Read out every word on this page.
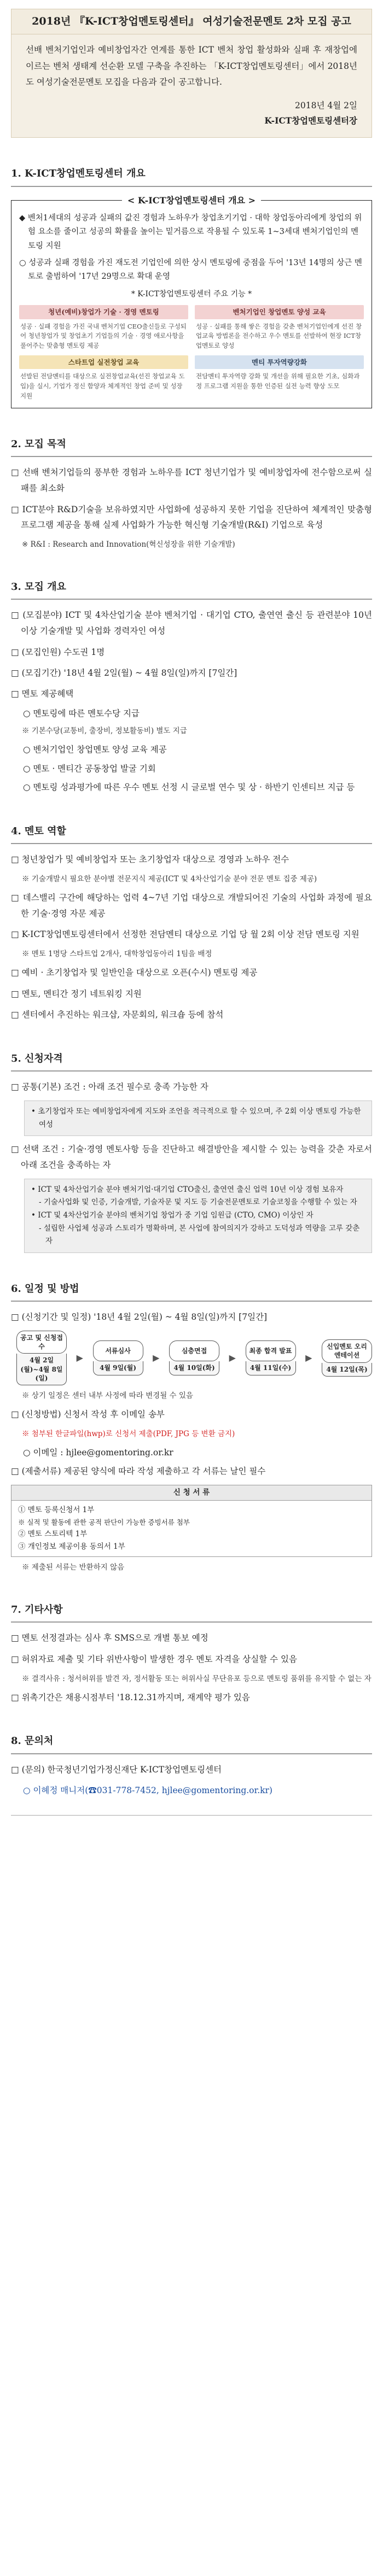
2018년 『K-ICT창업멘토링센터』 여성기술전문멘토 2차 모집 공고
선배 벤처기업인과 예비창업자간 연계를 통한 ICT 벤처 창업 활성화와 실패 후 재창업에 이르는 벤처 생태계 선순환 모델 구축을 추진하는 「K-ICT창업멘토링센터」에서 2018년도 여성기술전문멘토 모집을 다음과 같이 공고합니다.
2018년 4월 2일
K-ICT창업멘토링센터장
1. K-ICT창업멘토링센터 개요
< K-ICT창업멘토링센터 개요 >

◆ 벤처1세대의 성공과 실패의 값진 경험과 노하우가 창업초기기업 · 대학 창업동아리에게 창업의 위험 요소를 줄이고 성공의 확률을 높이는 밑거름으로 작용될 수 있도록 1~3세대 벤처기업인의 멘토링 지원

○ 성공과 실패 경험을 가진 재도전 기업인에 의한 상시 멘토링에 중점을 두어 '13년 14명의 상근 멘토로 출범하여 '17년 29명으로 확대 운영

* K-ICT창업멘토링센터 주요 기능 *
청년(예비)창업가 기술 · 경영 멘토링
성공 · 실패 경험을 가진 국내 벤처기업 CEO출신들로 구성되어 청년창업가 및 창업초기 기업들의 기술 · 경영 애로사항을 풀어주는 맞춤형 멘토링 제공
벤처기업인 창업멘토 양성 교육
성공 · 실패를 통해 쌓은 경험을 갖춘 벤처기업인에게 선진 창업교육 방법론을 전수하고 우수 멘토를 선발하여 현장 ICT창업멘토로 양성
스타트업 실전창업 교육
선발된 전담멘티를 대상으로 실전창업교육(선진 창업교육 도입)을 실시, 기업가 정신 함양과 체계적인 창업 준비 및 성장 지원
멘티 투자역량강화
전담멘티 투자역량 강화 및 개선을 위해 필요한 기초, 심화과정 프로그램 지원을 통한 인증된 실전 능력 향상 도모
2. 모집 목적
□ 선배 벤처기업들의 풍부한 경험과 노하우를 ICT 청년기업가 및 예비창업자에 전수함으로써 실패를 최소화
□ ICT분야 R&D기술을 보유하였지만 사업화에 성공하지 못한 기업을 진단하여 체계적인 맞춤형 프로그램 제공을 통해 실제 사업화가 가능한 혁신형 기술개발(R&I) 기업으로 육성
※ R&I : Research and Innovation(혁신성장을 위한 기술개발)
3. 모집 개요
□ (모집분야) ICT 및 4차산업기술 분야 벤처기업 · 대기업 CTO, 출연연 출신 등 관련분야 10년 이상 기술개발 및 사업화 경력자인 여성
□ (모집인원) 수도권 1명
□ (모집기간) '18년 4월 2일(월) ~ 4월 8일(일)까지 [7일간]
□ 멘토 제공혜택
○ 멘토링에 따른 멘토수당 지급
※ 기본수당(교통비, 출장비, 정보활동비) 별도 지급
○ 벤처기업인 창업멘토 양성 교육 제공
○ 멘토 · 멘티간 공동창업 발굴 기회
○ 멘토링 성과평가에 따른 우수 멘토 선정 시 글로벌 연수 및 상 · 하반기 인센티브 지급 등
4. 멘토 역할
□ 청년창업가 및 예비창업자 또는 초기창업자 대상으로 경영과 노하우 전수
※ 기술개발시 필요한 분야별 전문지식 제공(ICT 및 4차산업기술 분야 전문 멘토 집중 제공)
□ 데스밸리 구간에 해당하는 업력 4~7년 기업 대상으로 개발되어진 기술의 사업화 과정에 필요한 기술·경영 자문 제공
□ K-ICT창업멘토링센터에서 선정한 전담멘티 대상으로 기업 당 월 2회 이상 전담 멘토링 지원
※ 멘토 1명당 스타트업 2개사, 대학창업동아리 1팀을 배정
□ 예비 · 초기창업자 및 일반인을 대상으로 오픈(수시) 멘토링 제공
□ 멘토, 멘티간 정기 네트워킹 지원
□ 센터에서 추진하는 워크샵, 자문회의, 워크숍 등에 참석
5. 신청자격
□ 공통(기본) 조건 : 아래 조건 필수로 충족 가능한 자
• 초기창업자 또는 예비창업자에게 지도와 조언을 적극적으로 할 수 있으며, 주 2회 이상 멘토링 가능한 여성
□ 선택 조건 : 기술·경영 멘토사항 등을 진단하고 해결방안을 제시할 수 있는 능력을 갖춘 자로서 아래 조건을 충족하는 자
• ICT 및 4차산업기술 분야 벤처기업·대기업 CTO출신, 출연연 출신 업력 10년 이상 경험 보유자
- 기술사업화 및 인증, 기술개발, 기술자문 및 지도 등 기술전문멘토로 기술코칭을 수행할 수 있는 자
• ICT 및 4차산업기술 분야의 벤처기업 창업가 중 기업 임원급 (CTO, CMO) 이상인 자
- 설립한 사업체 성공과 스토리가 명확하며, 본 사업에 참여의지가 강하고 도덕성과 역량을 고루 갖춘 자
6. 일정 및 방법
□ (신청기간 및 일정) '18년 4월 2일(월) ~ 4월 8일(일)까지 [7일간]
공고 및 신청접수
4월 2일(월)~4월 8일(일)
▶
서류심사
4월 9일(월)
▶
심층면접
4월 10일(화)
▶
최종 합격 발표
4월 11일(수)
▶
신입멘토 오리엔테이션
4월 12일(목)
※ 상기 일정은 센터 내부 사정에 따라 변경될 수 있음
□ (신청방법) 신청서 작성 후 이메일 송부
※ 첨부된 한글파일(hwp)로 신청서 제출(PDF, JPG 등 변환 금지)
○ 이메일 : hjlee@gomentoring.or.kr
□ (제출서류) 제공된 양식에 따라 작성 제출하고 각 서류는 날인 필수
신 청 서 류
① 멘토 등록신청서 1부
※ 실적 및 활동에 관한 공적 판단이 가능한 증빙서류 첨부
② 멘토 스토리텍 1부
③ 개인정보 제공이용 동의서 1부
※ 제출된 서류는 반환하지 않음
7. 기타사항
□ 멘토 선정결과는 심사 후 SMS으로 개별 통보 예정
□ 허위자료 제출 및 기타 위반사항이 발생한 경우 멘토 자격을 상실할 수 있음
※ 결격사유 : 청서허위를 발견 자, 정서활동 또는 허위사실 무단유포 등으로 멘토링 품위를 유지할 수 없는 자
□ 위촉기간은 채용시점부터 '18.12.31까지며, 재계약 평가 있음
8. 문의처
□ (문의) 한국청년기업가정신재단 K-ICT창업멘토링센터
○ 이혜정 매니저(☎031-778-7452, hjlee@gomentoring.or.kr)
